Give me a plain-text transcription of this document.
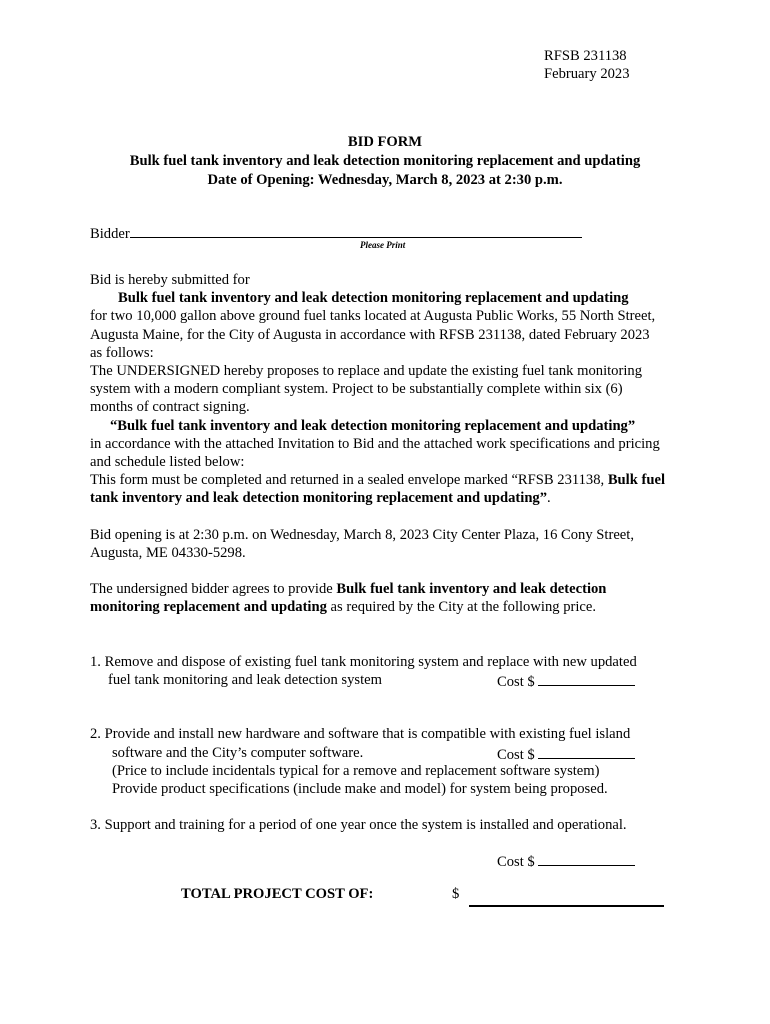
RFSB 231138
February 2023
BID FORM
Bulk fuel tank inventory and leak detection monitoring replacement and updating
Date of Opening: Wednesday, March 8, 2023 at 2:30 p.m.
Bidder
Please Print

Bid is hereby submitted for

Bulk fuel tank inventory and leak detection monitoring replacement and updating

for two 10,000 gallon above ground fuel tanks located at Augusta Public Works, 55 North Street, Augusta Maine, for the City of Augusta in accordance with RFSB 231138, dated February 2023 as follows:

The UNDERSIGNED hereby proposes to replace and update the existing fuel tank monitoring system with a modern compliant system. Project to be substantially complete within six (6) months of contract signing.

“Bulk fuel tank inventory and leak detection monitoring replacement and updating”

in accordance with the attached Invitation to Bid and the attached work specifications and pricing and schedule listed below:

This form must be completed and returned in a sealed envelope marked “RFSB 231138, Bulk fuel tank inventory and leak detection monitoring replacement and updating”.

Bid opening is at 2:30 p.m. on Wednesday, March 8, 2023 City Center Plaza, 16 Cony Street, Augusta, ME 04330-5298.

The undersigned bidder agrees to provide Bulk fuel tank inventory and leak detection monitoring replacement and updating as required by the City at the following price.

1. Remove and dispose of existing fuel tank monitoring system and replace with new updated
fuel tank monitoring and leak detection system	Cost $
2. Provide and install new hardware and software that is compatible with existing fuel island
software and the City’s computer software.	Cost $
(Price to include incidentals typical for a remove and replacement software system)
Provide product specifications (include make and model) for system being proposed.
3. Support and training for a period of one year once the system is installed and operational.
Cost $
TOTAL PROJECT COST OF:	$
